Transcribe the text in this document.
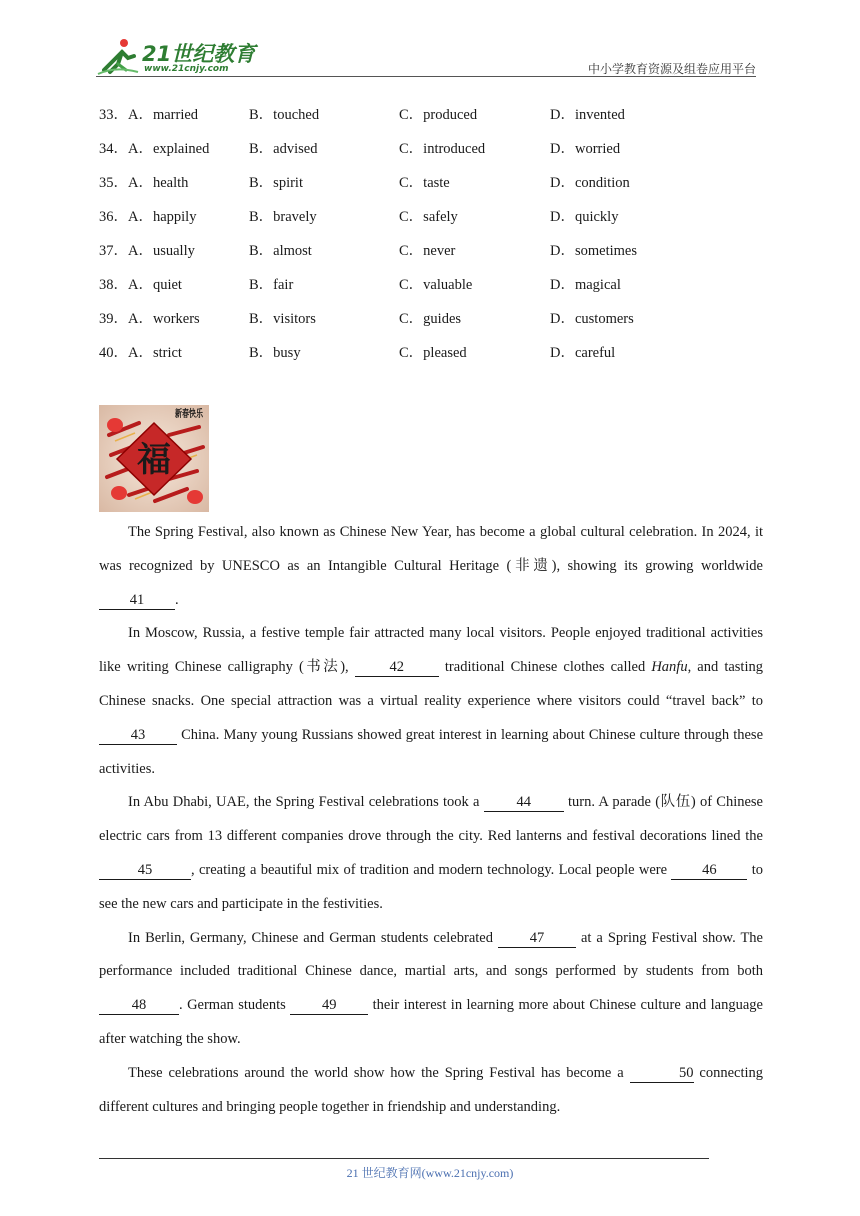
21世纪教育
www.21cnjy.com	中小学教育资源及组卷应用平台
33．A．married	B．touched	C．produced	D．invented
34．A．explained	B．advised	C．introduced	D．worried
35．A．health	B．spirit	C．taste	D．condition
36．A．happily	B．bravely	C．safely	D．quickly
37．A．usually	B．almost	C．never	D．sometimes
38．A．quiet	B．fair	C．valuable	D．magical
39．A．workers	B．visitors	C．guides	D．customers
40．A．strict	B．busy	C．pleased	D．careful
福
新春快乐

The Spring Festival, also known as Chinese New Year, has become a global cultural celebration. In 2024, it was recognized by UNESCO as an Intangible Cultural Heritage (非遗), showing its growing worldwide 41 .

In Moscow, Russia, a festive temple fair attracted many local visitors. People enjoyed traditional activities like writing Chinese calligraphy (书法), 42 traditional Chinese clothes called Hanfu, and tasting Chinese snacks. One special attraction was a virtual reality experience where visitors could “travel back” to 43 China. Many young Russians showed great interest in learning about Chinese culture through these activities.

In Abu Dhabi, UAE, the Spring Festival celebrations took a 44 turn. A parade (队伍) of Chinese electric cars from 13 different companies drove through the city. Red lanterns and festival decorations lined the 45	, creating a beautiful mix of tradition and modern technology. Local people were 46 to see the new cars and participate in the festivities.

In Berlin, Germany, Chinese and German students celebrated 47 at a Spring Festival show. The performance included traditional Chinese dance, martial arts, and songs performed by students from both 48 . German students 49 their interest in learning more about Chinese culture and language after watching the show.

These celebrations around the world show how the Spring Festival has become a	50 connecting different cultures and bringing people together in friendship and understanding.

21 世纪教育网(www.21cnjy.com)
